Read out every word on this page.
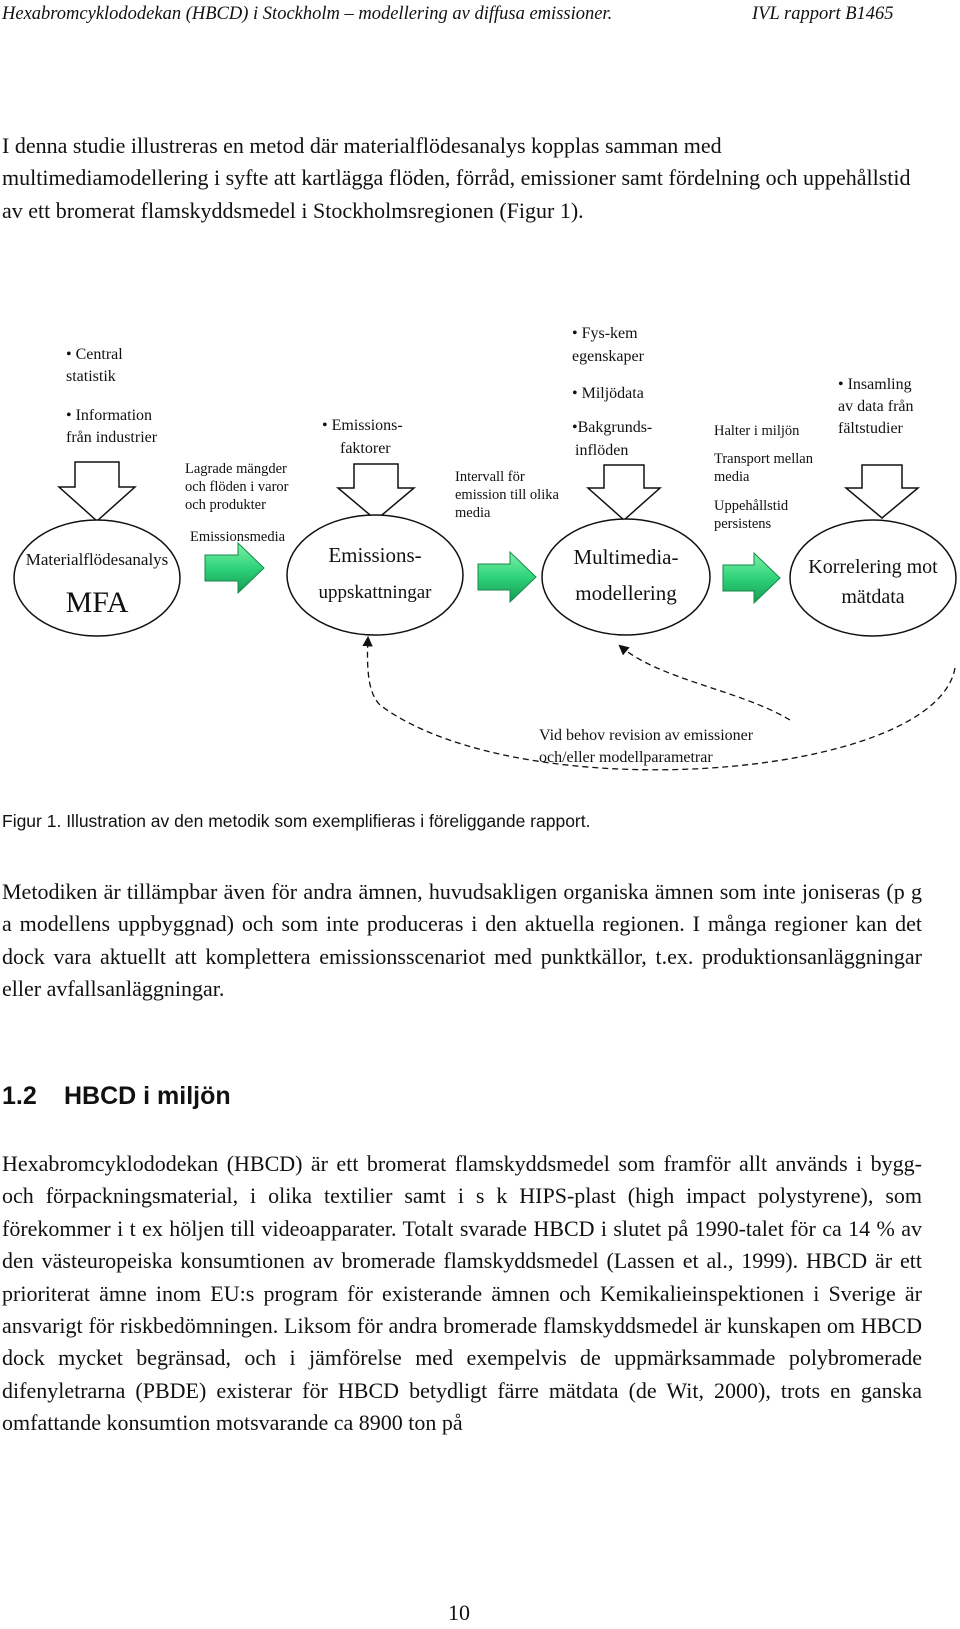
Hexabromcyklododekan (HBCD) i Stockholm – modellering av diffusa emissioner.	IVL rapport B1465

I denna studie illustreras en metod där materialflödesanalys kopplas samman med multimediamodellering i syfte att kartlägga flöden, förråd, emissioner samt fördelning och uppehållstid av ett bromerat flamskyddsmedel i Stockholmsregionen (Figur 1).

• Central
statistik
• Information
från industrier
Materialflödesanalys
MFA
Lagrade mängder
och flöden i varor
och produkter
Emissionsmedia
• Emissions-
faktorer
Emissions-
uppskattningar
Intervall för
emission till olika
media
• Fys-kem
egenskaper
• Miljödata
•Bakgrunds-
inflöden
Multimedia-
modellering
Halter i miljön
Transport mellan
media
Uppehållstid
persistens
• Insamling
av data från
fältstudier
Korrelering mot
mätdata
Vid behov revision av emissioner
och/eller modellparametrar

Figur 1. Illustration av den metodik som exemplifieras i föreliggande rapport.

Metodiken är tillämpbar även för andra ämnen, huvudsakligen organiska ämnen som inte joniseras (p g a modellens uppbyggnad) och som inte produceras i den aktuella regionen. I många regioner kan det dock vara aktuellt att komplettera emissionsscenariot med punktkällor, t.ex. produktionsanläggningar eller avfallsanläggningar.

1.2 HBCD i miljön

Hexabromcyklododekan (HBCD) är ett bromerat flamskyddsmedel som framför allt används i bygg- och förpackningsmaterial, i olika textilier samt i s k HIPS-plast (high impact polystyrene), som förekommer i t ex höljen till videoapparater. Totalt svarade HBCD i slutet på 1990-talet för ca 14 % av den västeuropeiska konsumtionen av bromerade flamskyddsmedel (Lassen et al., 1999). HBCD är ett prioriterat ämne inom EU:s program för existerande ämnen och Kemikalieinspektionen i Sverige är ansvarigt för riskbedömningen. Liksom för andra bromerade flamskyddsmedel är kunskapen om HBCD dock mycket begränsad, och i jämförelse med exempelvis de uppmärksammade polybromerade difenyletrarna (PBDE) existerar för HBCD betydligt färre mätdata (de Wit, 2000), trots en ganska omfattande konsumtion motsvarande ca 8900 ton på

10
